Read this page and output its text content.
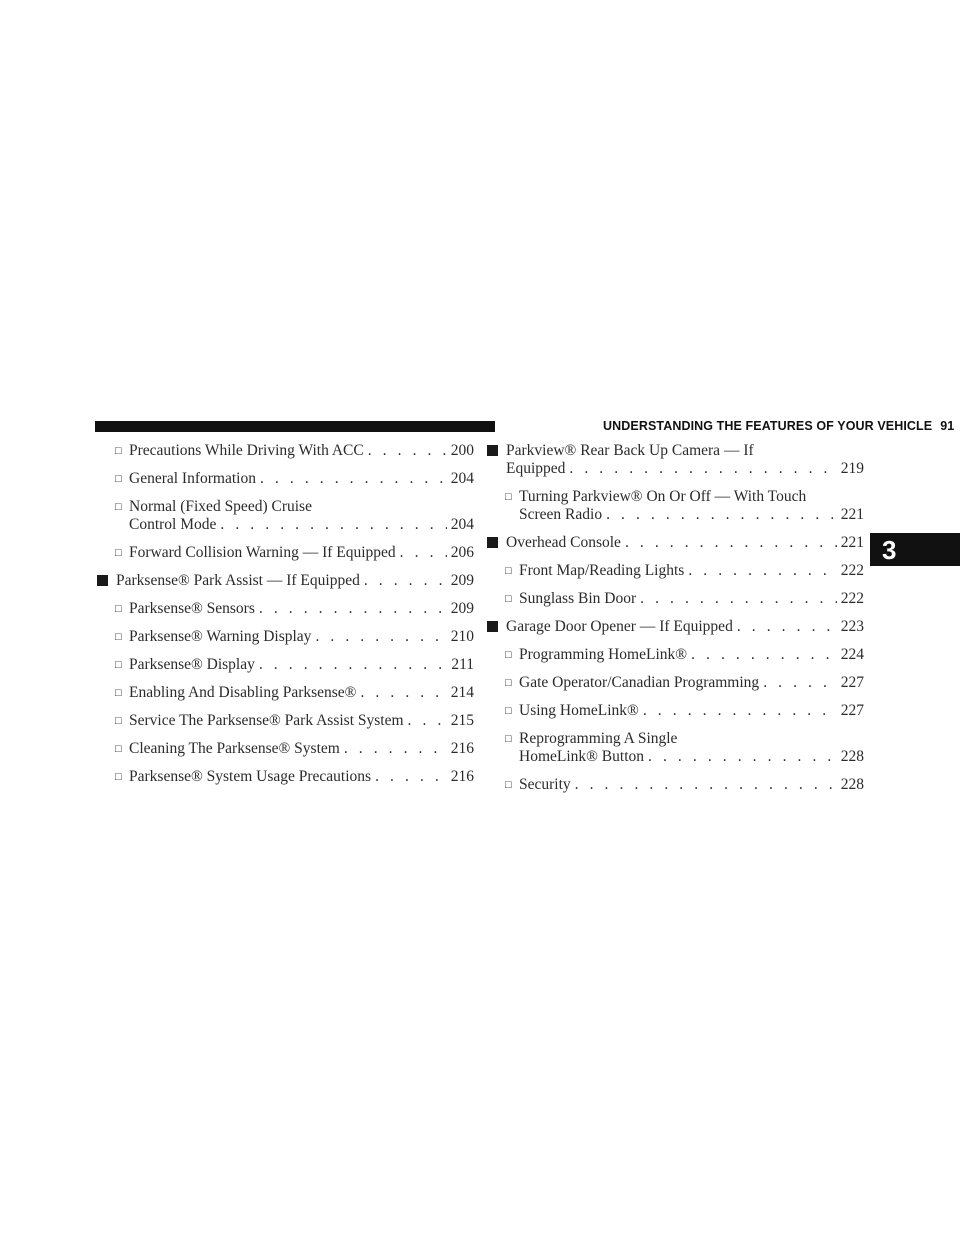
UNDERSTANDING THE FEATURES OF YOUR VEHICLE 91
3
□ Precautions While Driving With ACC . . .	200
□ General Information . . .	204
□ Normal (Fixed Speed) Cruise
Control Mode . . .	204
□ Forward Collision Warning — If Equipped . . .	206
Parksense® Park Assist — If Equipped . . .	209
□ Parksense® Sensors . . .	209
□ Parksense® Warning Display . . .	210
□ Parksense® Display . . .	211
□ Enabling And Disabling Parksense® . . .	214
□ Service The Parksense® Park Assist System . . .	215
□ Cleaning The Parksense® System . . .	216
□ Parksense® System Usage Precautions . . .	216
Parkview® Rear Back Up Camera — If
Equipped . . .	219
□ Turning Parkview® On Or Off — With Touch
Screen Radio . . .	221
Overhead Console . . .	221
□ Front Map/Reading Lights . . .	222
□ Sunglass Bin Door . . .	222
Garage Door Opener — If Equipped . . .	223
□ Programming HomeLink® . . .	224
□ Gate Operator/Canadian Programming . . .	227
□ Using HomeLink® . . .	227
□ Reprogramming A Single
HomeLink® Button . . .	228
□ Security . . .	228
